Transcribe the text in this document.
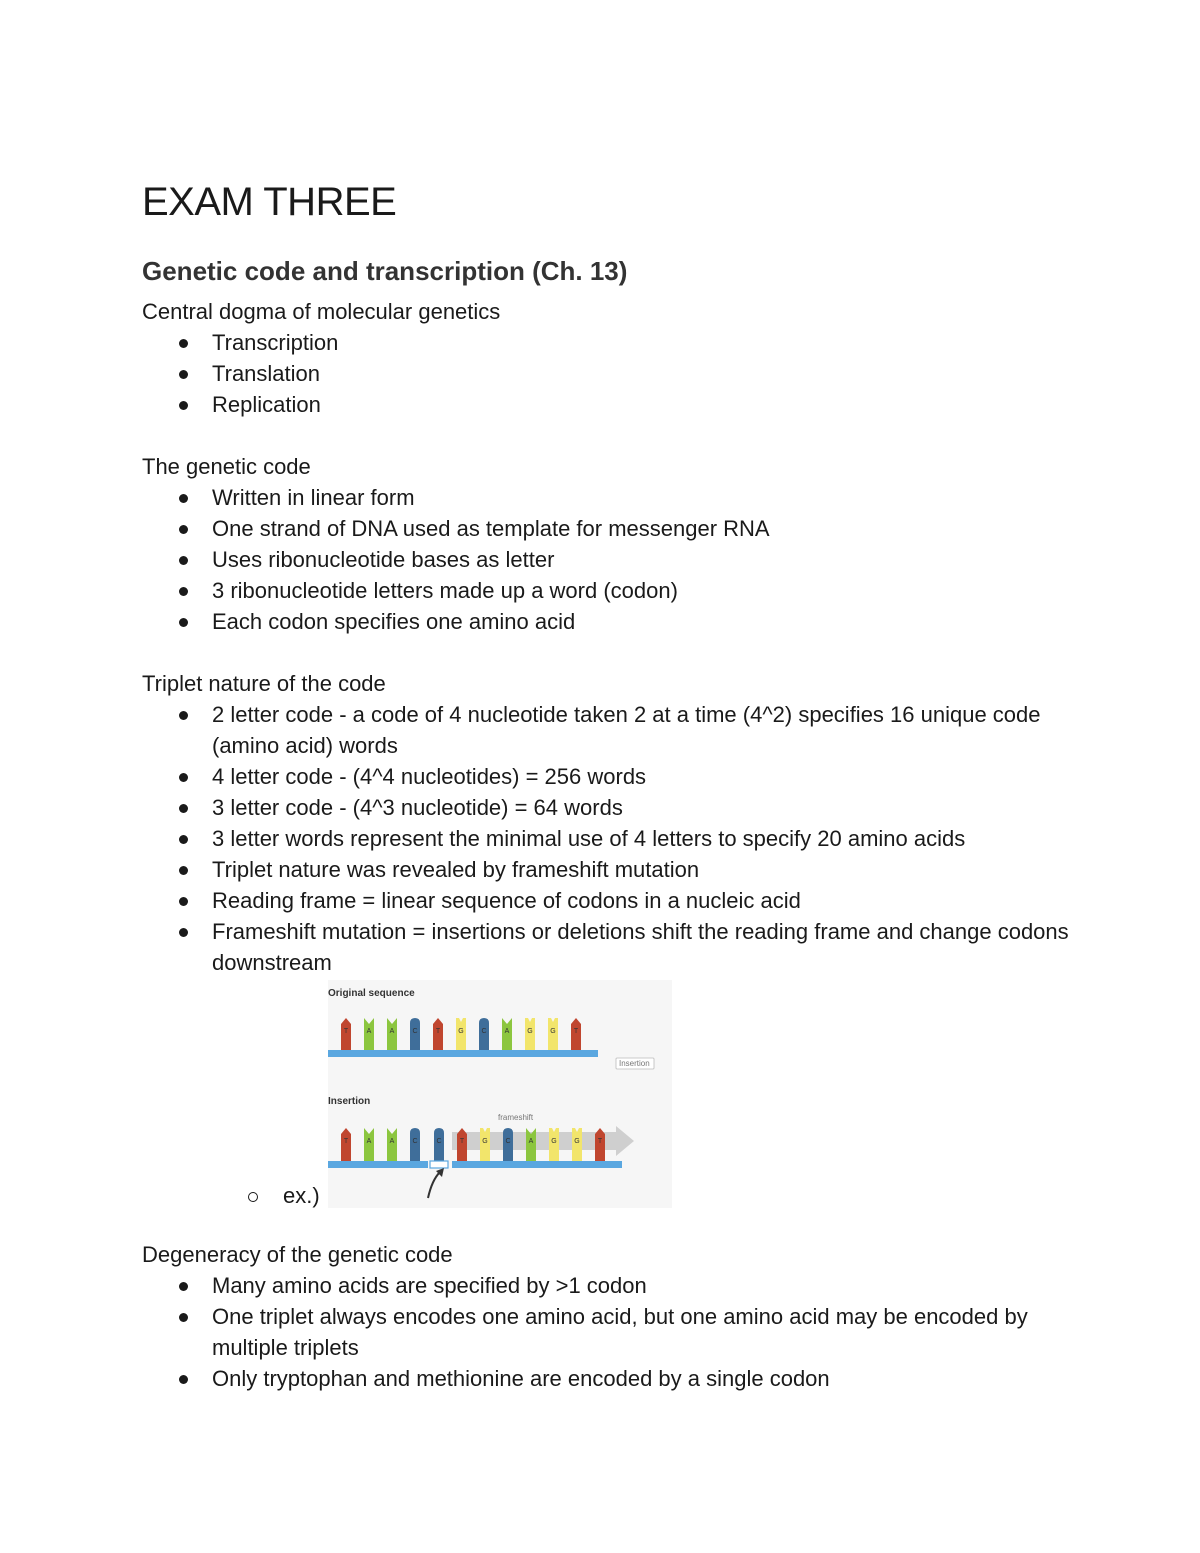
EXAM THREE
Genetic code and transcription (Ch. 13)

Central dogma of molecular genetics

Transcription
Translation
Replication

The genetic code

Written in linear form
One strand of DNA used as template for messenger RNA
Uses ribonucleotide bases as letter
3 ribonucleotide letters made up a word (codon)
Each codon specifies one amino acid

Triplet nature of the code

2 letter code - a code of 4 nucleotide taken 2 at a time (4^2) specifies 16 unique code (amino acid) words
4 letter code - (4^4 nucleotides) = 256 words
3 letter code - (4^3 nucleotide) = 64 words
3 letter words represent the minimal use of 4 letters to specify 20 amino acids
Triplet nature was revealed by frameshift mutation
Reading frame = linear sequence of codons in a nucleic acid
Frameshift mutation = insertions or deletions shift the reading frame and change codons downstream
ex.)
Original sequence
T	A	A	C	T	G	C	A	G	G	T
Insertion
Insertion
frameshift
T	A	A	C	C	T	G	C	A	G	G	T

Degeneracy of the genetic code

Many amino acids are specified by >1 codon
One triplet always encodes one amino acid, but one amino acid may be encoded by multiple triplets
Only tryptophan and methionine are encoded by a single codon
